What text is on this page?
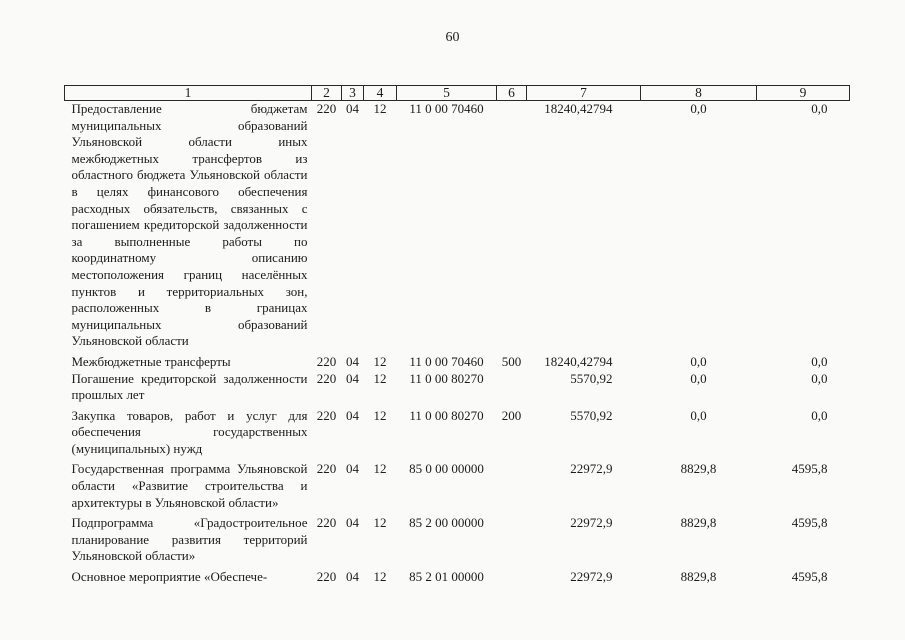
60
1	2	3	4	5	6	7	8	9
Предоставление бюджетам муниципальных образований Ульяновской области иных межбюджетных трансфертов из областного бюджета Ульяновской области в целях финансового обеспечения расходных обязательств, связанных с погашением кредиторской задолженности за выполненные работы по координатному описанию местоположения границ населённых пунктов и территориальных зон, расположенных в границах муниципальных образований Ульяновской области	220	04	12	11 0 00 70460		18240,42794	0,0	0,0

Межбюджетные трансферты	220	04	12	11 0 00 70460	500	18240,42794	0,0	0,0
Погашение кредиторской задолженности прошлых лет	220	04	12	11 0 00 80270		5570,92	0,0	0,0

Закупка товаров, работ и услуг для обеспечения государственных (муниципальных) нужд	220	04	12	11 0 00 80270	200	5570,92	0,0	0,0

Государственная программа Ульяновской области «Развитие строительства и архитектуры в Ульяновской области»	220	04	12	85 0 00 00000		22972,9	8829,8	4595,8

Подпрограмма «Градостроительное планирование развития территорий Ульяновской области»	220	04	12	85 2 00 00000		22972,9	8829,8	4595,8

Основное мероприятие «Обеспече-	220	04	12	85 2 01 00000		22972,9	8829,8	4595,8
